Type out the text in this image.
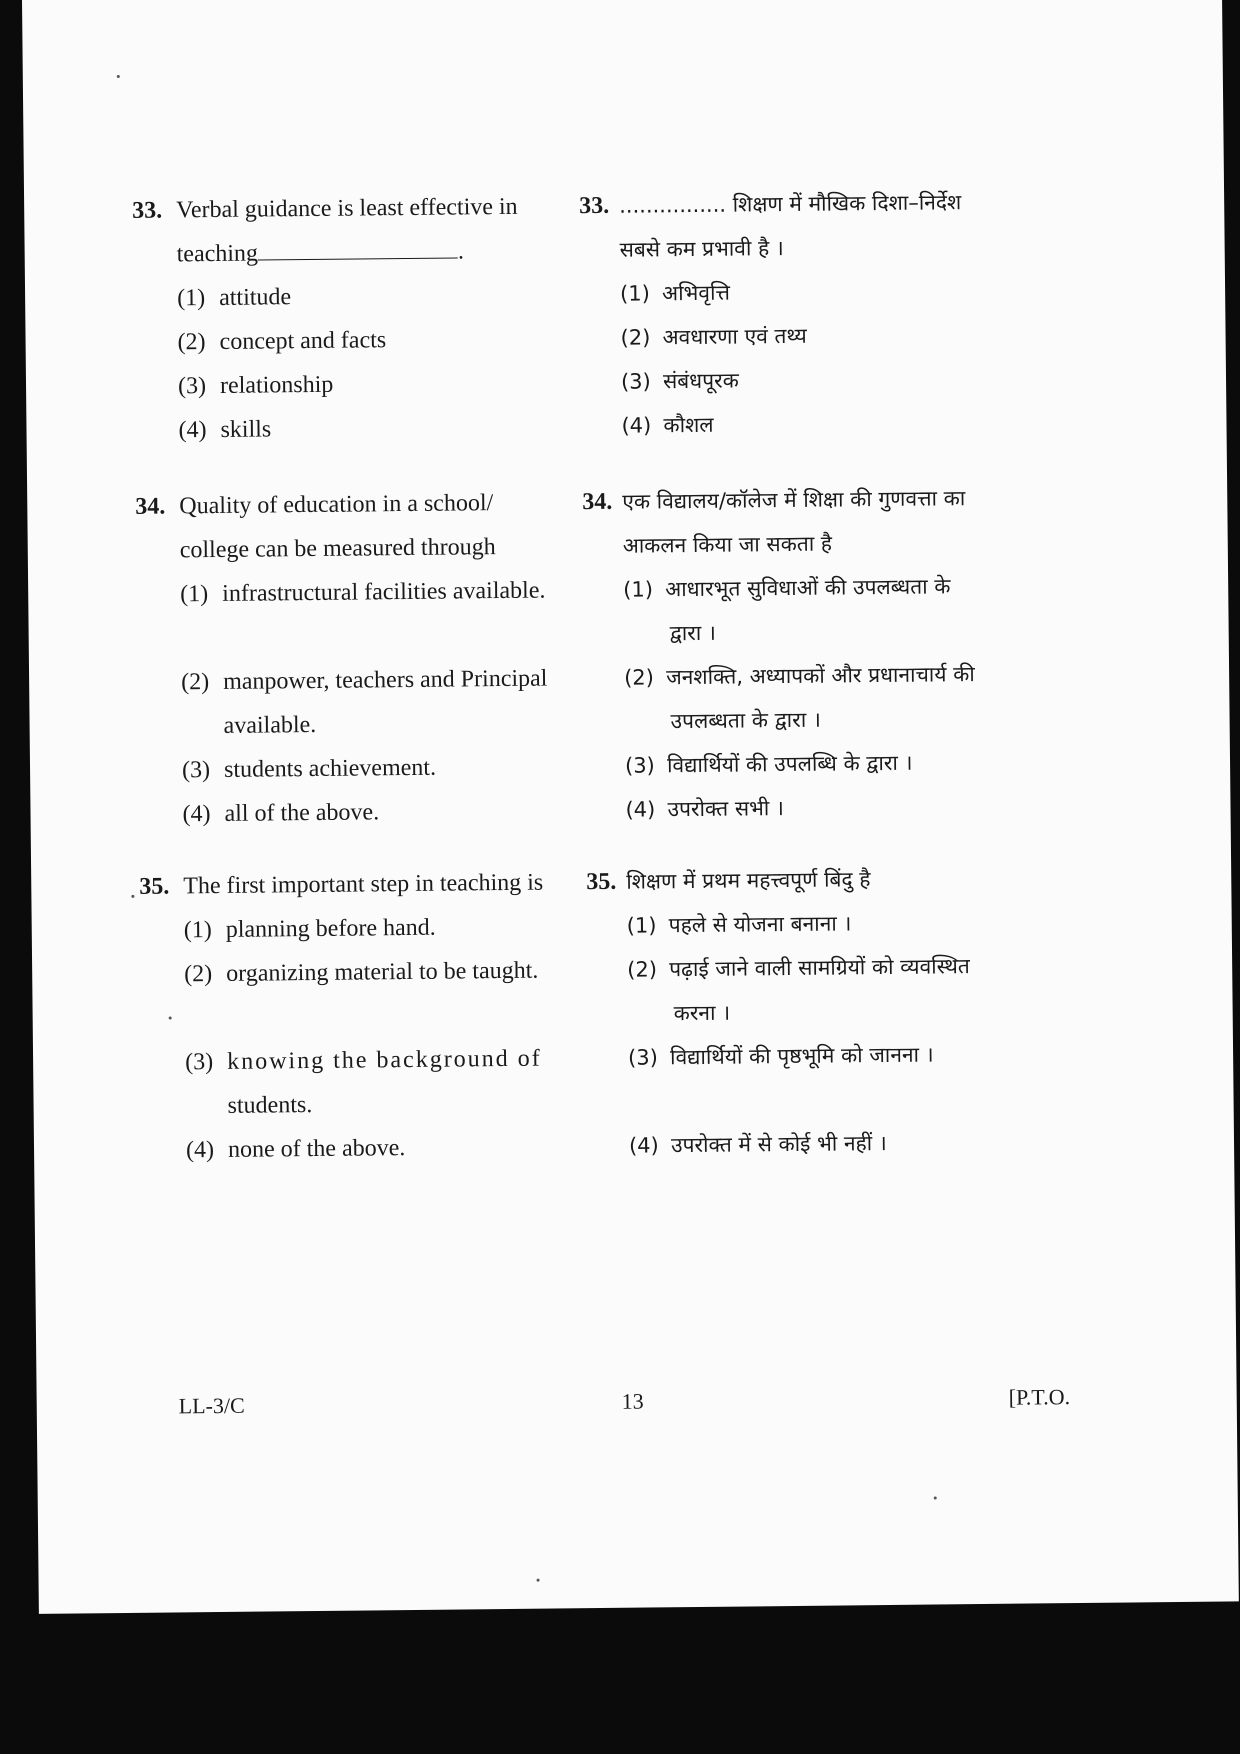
33. Verbal guidance is least effective in
teaching	.
(1) attitude
(2) concept and facts
(3) relationship
(4) skills
33. ................ शिक्षण में मौखिक दिशा–निर्देश
सबसे कम प्रभावी है ।
(1) अभिवृत्ति
(2) अवधारणा एवं तथ्य
(3) संबंधपूरक
(4) कौशल
34. Quality of education in a school/
college can be measured through
(1) infrastructural facilities available.
(2) manpower, teachers and Principal
available.
(3) students achievement.
(4) all of the above.
34. एक विद्यालय/कॉलेज में शिक्षा की गुणवत्ता का
आकलन किया जा सकता है
(1) आधारभूत सुविधाओं की उपलब्धता के
द्वारा ।
(2) जनशक्ति, अध्यापकों और प्रधानाचार्य की
उपलब्धता के द्वारा ।
(3) विद्यार्थियों की उपलब्धि के द्वारा ।
(4) उपरोक्त सभी ।
35. The first important step in teaching is
(1) planning before hand.
(2) organizing material to be taught.
(3) knowing the background of
students.
(4) none of the above.
35. शिक्षण में प्रथम महत्त्वपूर्ण बिंदु है
(1) पहले से योजना बनाना ।
(2) पढ़ाई जाने वाली सामग्रियों को व्यवस्थित
करना ।
(3) विद्यार्थियों की पृष्ठभूमि को जानना ।
(4) उपरोक्त में से कोई भी नहीं ।
LL-3/C	13	[P.T.O.
